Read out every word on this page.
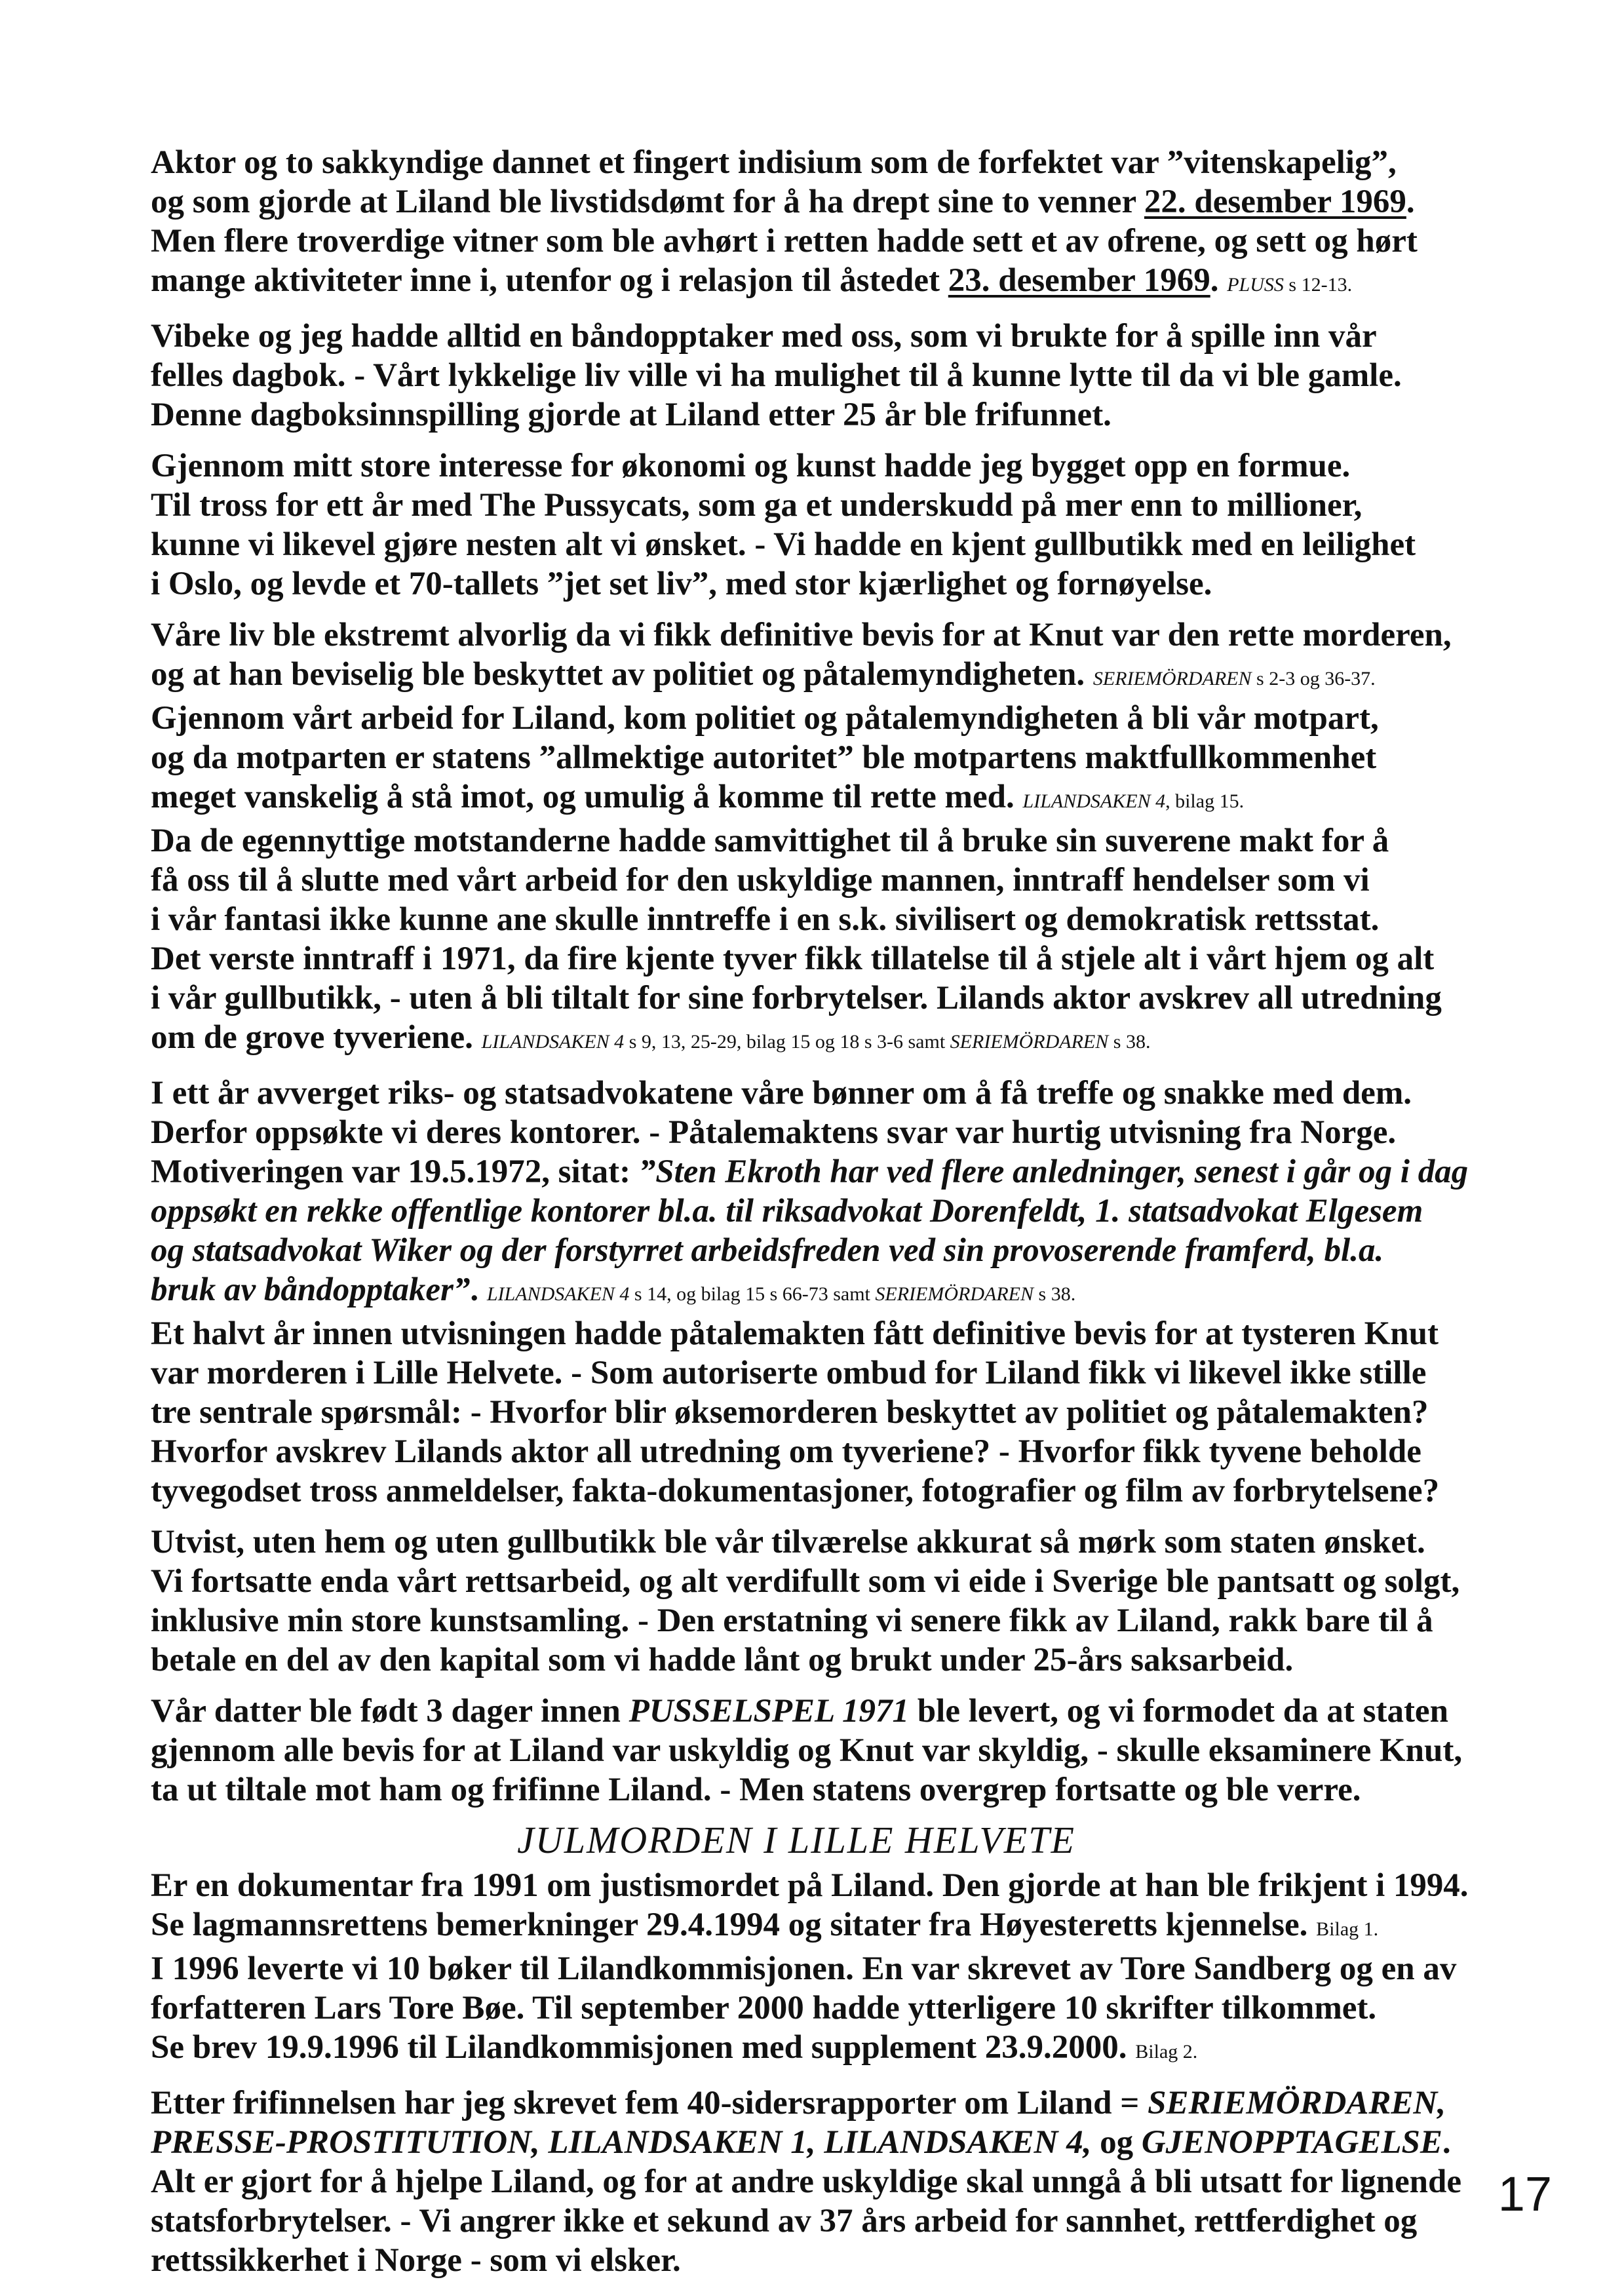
Aktor og to sakkyndige dannet et fingert indisium som de forfektet var ”vitenskapelig”,
og som gjorde at Liland ble livstidsdømt for å ha drept sine to venner 22. desember 1969.
Men flere troverdige vitner som ble avhørt i retten hadde sett et av ofrene, og sett og hørt
mange aktiviteter inne i, utenfor og i relasjon til åstedet 23. desember 1969. PLUSS s 12-13.
Vibeke og jeg hadde alltid en båndopptaker med oss, som vi brukte for å spille inn vår
felles dagbok. - Vårt lykkelige liv ville vi ha mulighet til å kunne lytte til da vi ble gamle.
Denne dagboksinnspilling gjorde at Liland etter 25 år ble frifunnet.
Gjennom mitt store interesse for økonomi og kunst hadde jeg bygget opp en formue.
Til tross for ett år med The Pussycats, som ga et underskudd på mer enn to millioner,
kunne vi likevel gjøre nesten alt vi ønsket. - Vi hadde en kjent gullbutikk med en leilighet
i Oslo, og levde et 70-tallets ”jet set liv”, med stor kjærlighet og fornøyelse.
Våre liv ble ekstremt alvorlig da vi fikk definitive bevis for at Knut var den rette morderen,
og at han beviselig ble beskyttet av politiet og påtalemyndigheten. SERIEMÖRDAREN s 2-3 og 36-37.
Gjennom vårt arbeid for Liland, kom politiet og påtalemyndigheten å bli vår motpart,
og da motparten er statens ”allmektige autoritet” ble motpartens maktfullkommenhet
meget vanskelig å stå imot, og umulig å komme til rette med. LILANDSAKEN 4, bilag 15.
Da de egennyttige motstanderne hadde samvittighet til å bruke sin suverene makt for å
få oss til å slutte med vårt arbeid for den uskyldige mannen, inntraff hendelser som vi
i vår fantasi ikke kunne ane skulle inntreffe i en s.k. sivilisert og demokratisk rettsstat.
Det verste inntraff i 1971, da fire kjente tyver fikk tillatelse til å stjele alt i vårt hjem og alt
i vår gullbutikk, - uten å bli tiltalt for sine forbrytelser. Lilands aktor avskrev all utredning
om de grove tyveriene. LILANDSAKEN 4 s 9, 13, 25-29, bilag 15 og 18 s 3-6 samt SERIEMÖRDAREN s 38.
I ett år avverget riks- og statsadvokatene våre bønner om å få treffe og snakke med dem.
Derfor oppsøkte vi deres kontorer. - Påtalemaktens svar var hurtig utvisning fra Norge.
Motiveringen var 19.5.1972, sitat: ”Sten Ekroth har ved flere anledninger, senest i går og i dag
oppsøkt en rekke offentlige kontorer bl.a. til riksadvokat Dorenfeldt, 1. statsadvokat Elgesem
og statsadvokat Wiker og der forstyrret arbeidsfreden ved sin provoserende framferd, bl.a.
bruk av båndopptaker”. LILANDSAKEN 4 s 14, og bilag 15 s 66-73 samt SERIEMÖRDAREN s 38.
Et halvt år innen utvisningen hadde påtalemakten fått definitive bevis for at tysteren Knut
var morderen i Lille Helvete. - Som autoriserte ombud for Liland fikk vi likevel ikke stille
tre sentrale spørsmål: - Hvorfor blir øksemorderen beskyttet av politiet og påtalemakten?
Hvorfor avskrev Lilands aktor all utredning om tyveriene? - Hvorfor fikk tyvene beholde
tyvegodset tross anmeldelser, fakta-dokumentasjoner, fotografier og film av forbrytelsene?
Utvist, uten hem og uten gullbutikk ble vår tilværelse akkurat så mørk som staten ønsket.
Vi fortsatte enda vårt rettsarbeid, og alt verdifullt som vi eide i Sverige ble pantsatt og solgt,
inklusive min store kunstsamling. - Den erstatning vi senere fikk av Liland, rakk bare til å
betale en del av den kapital som vi hadde lånt og brukt under 25-års saksarbeid.
Vår datter ble født 3 dager innen PUSSELSPEL 1971 ble levert, og vi formodet da at staten
gjennom alle bevis for at Liland var uskyldig og Knut var skyldig, - skulle eksaminere Knut,
ta ut tiltale mot ham og frifinne Liland. - Men statens overgrep fortsatte og ble verre.
JULMORDEN I LILLE HELVETE
Er en dokumentar fra 1991 om justismordet på Liland. Den gjorde at han ble frikjent i 1994.
Se lagmannsrettens bemerkninger 29.4.1994 og sitater fra Høyesteretts kjennelse. Bilag 1.
I 1996 leverte vi 10 bøker til Lilandkommisjonen. En var skrevet av Tore Sandberg og en av
forfatteren Lars Tore Bøe. Til september 2000 hadde ytterligere 10 skrifter tilkommet.
Se brev 19.9.1996 til Lilandkommisjonen med supplement 23.9.2000. Bilag 2.
Etter frifinnelsen har jeg skrevet fem 40-sidersrapporter om Liland = SERIEMÖRDAREN,
PRESSE-PROSTITUTION, LILANDSAKEN 1, LILANDSAKEN 4, og GJENOPPTAGELSE.
Alt er gjort for å hjelpe Liland, og for at andre uskyldige skal unngå å bli utsatt for lignende
statsforbrytelser. - Vi angrer ikke et sekund av 37 års arbeid for sannhet, rettferdighet og
rettssikkerhet i Norge - som vi elsker.
17
